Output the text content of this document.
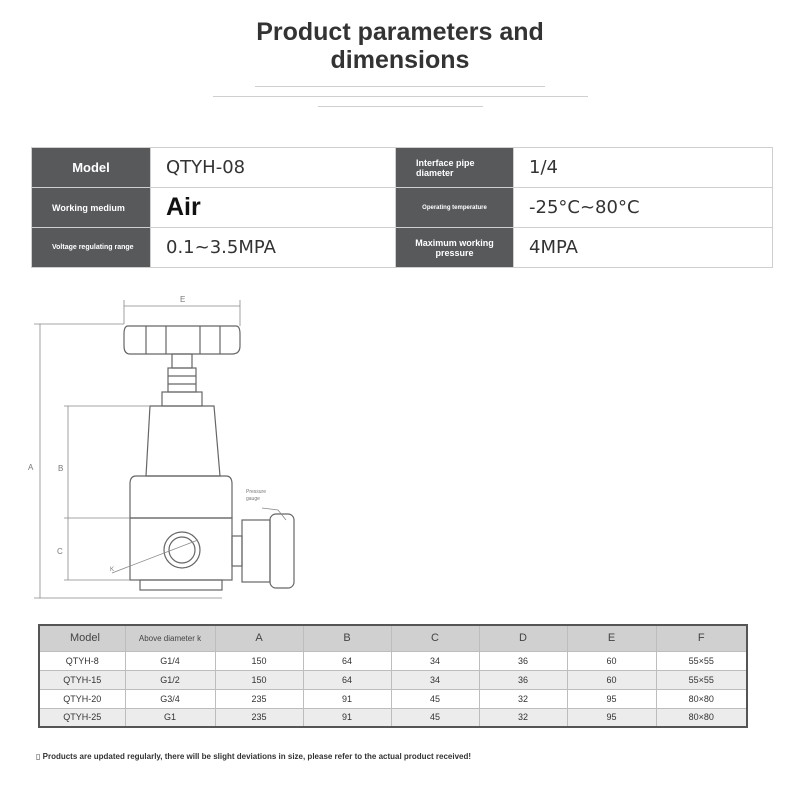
Product parameters and
dimensions
Model	QTYH-08	Interface pipe diameter	1/4
Working medium	Air	Operating temperature	-25°C~80°C
Voltage regulating range	0.1~3.5MPA	Maximum working pressure	4MPA
E
A	B
C
K
Pressure
gauge
Model	Above diameter k	A	B	C	D	E	F
QTYH-8	G1/4	150	64	34	36	60	55×55
QTYH-15	G1/2	150	64	34	36	60	55×55
QTYH-20	G3/4	235	91	45	32	95	80×80
QTYH-25	G1	235	91	45	32	95	80×80
▯ Products are updated regularly, there will be slight deviations in size, please refer to the actual product received!
